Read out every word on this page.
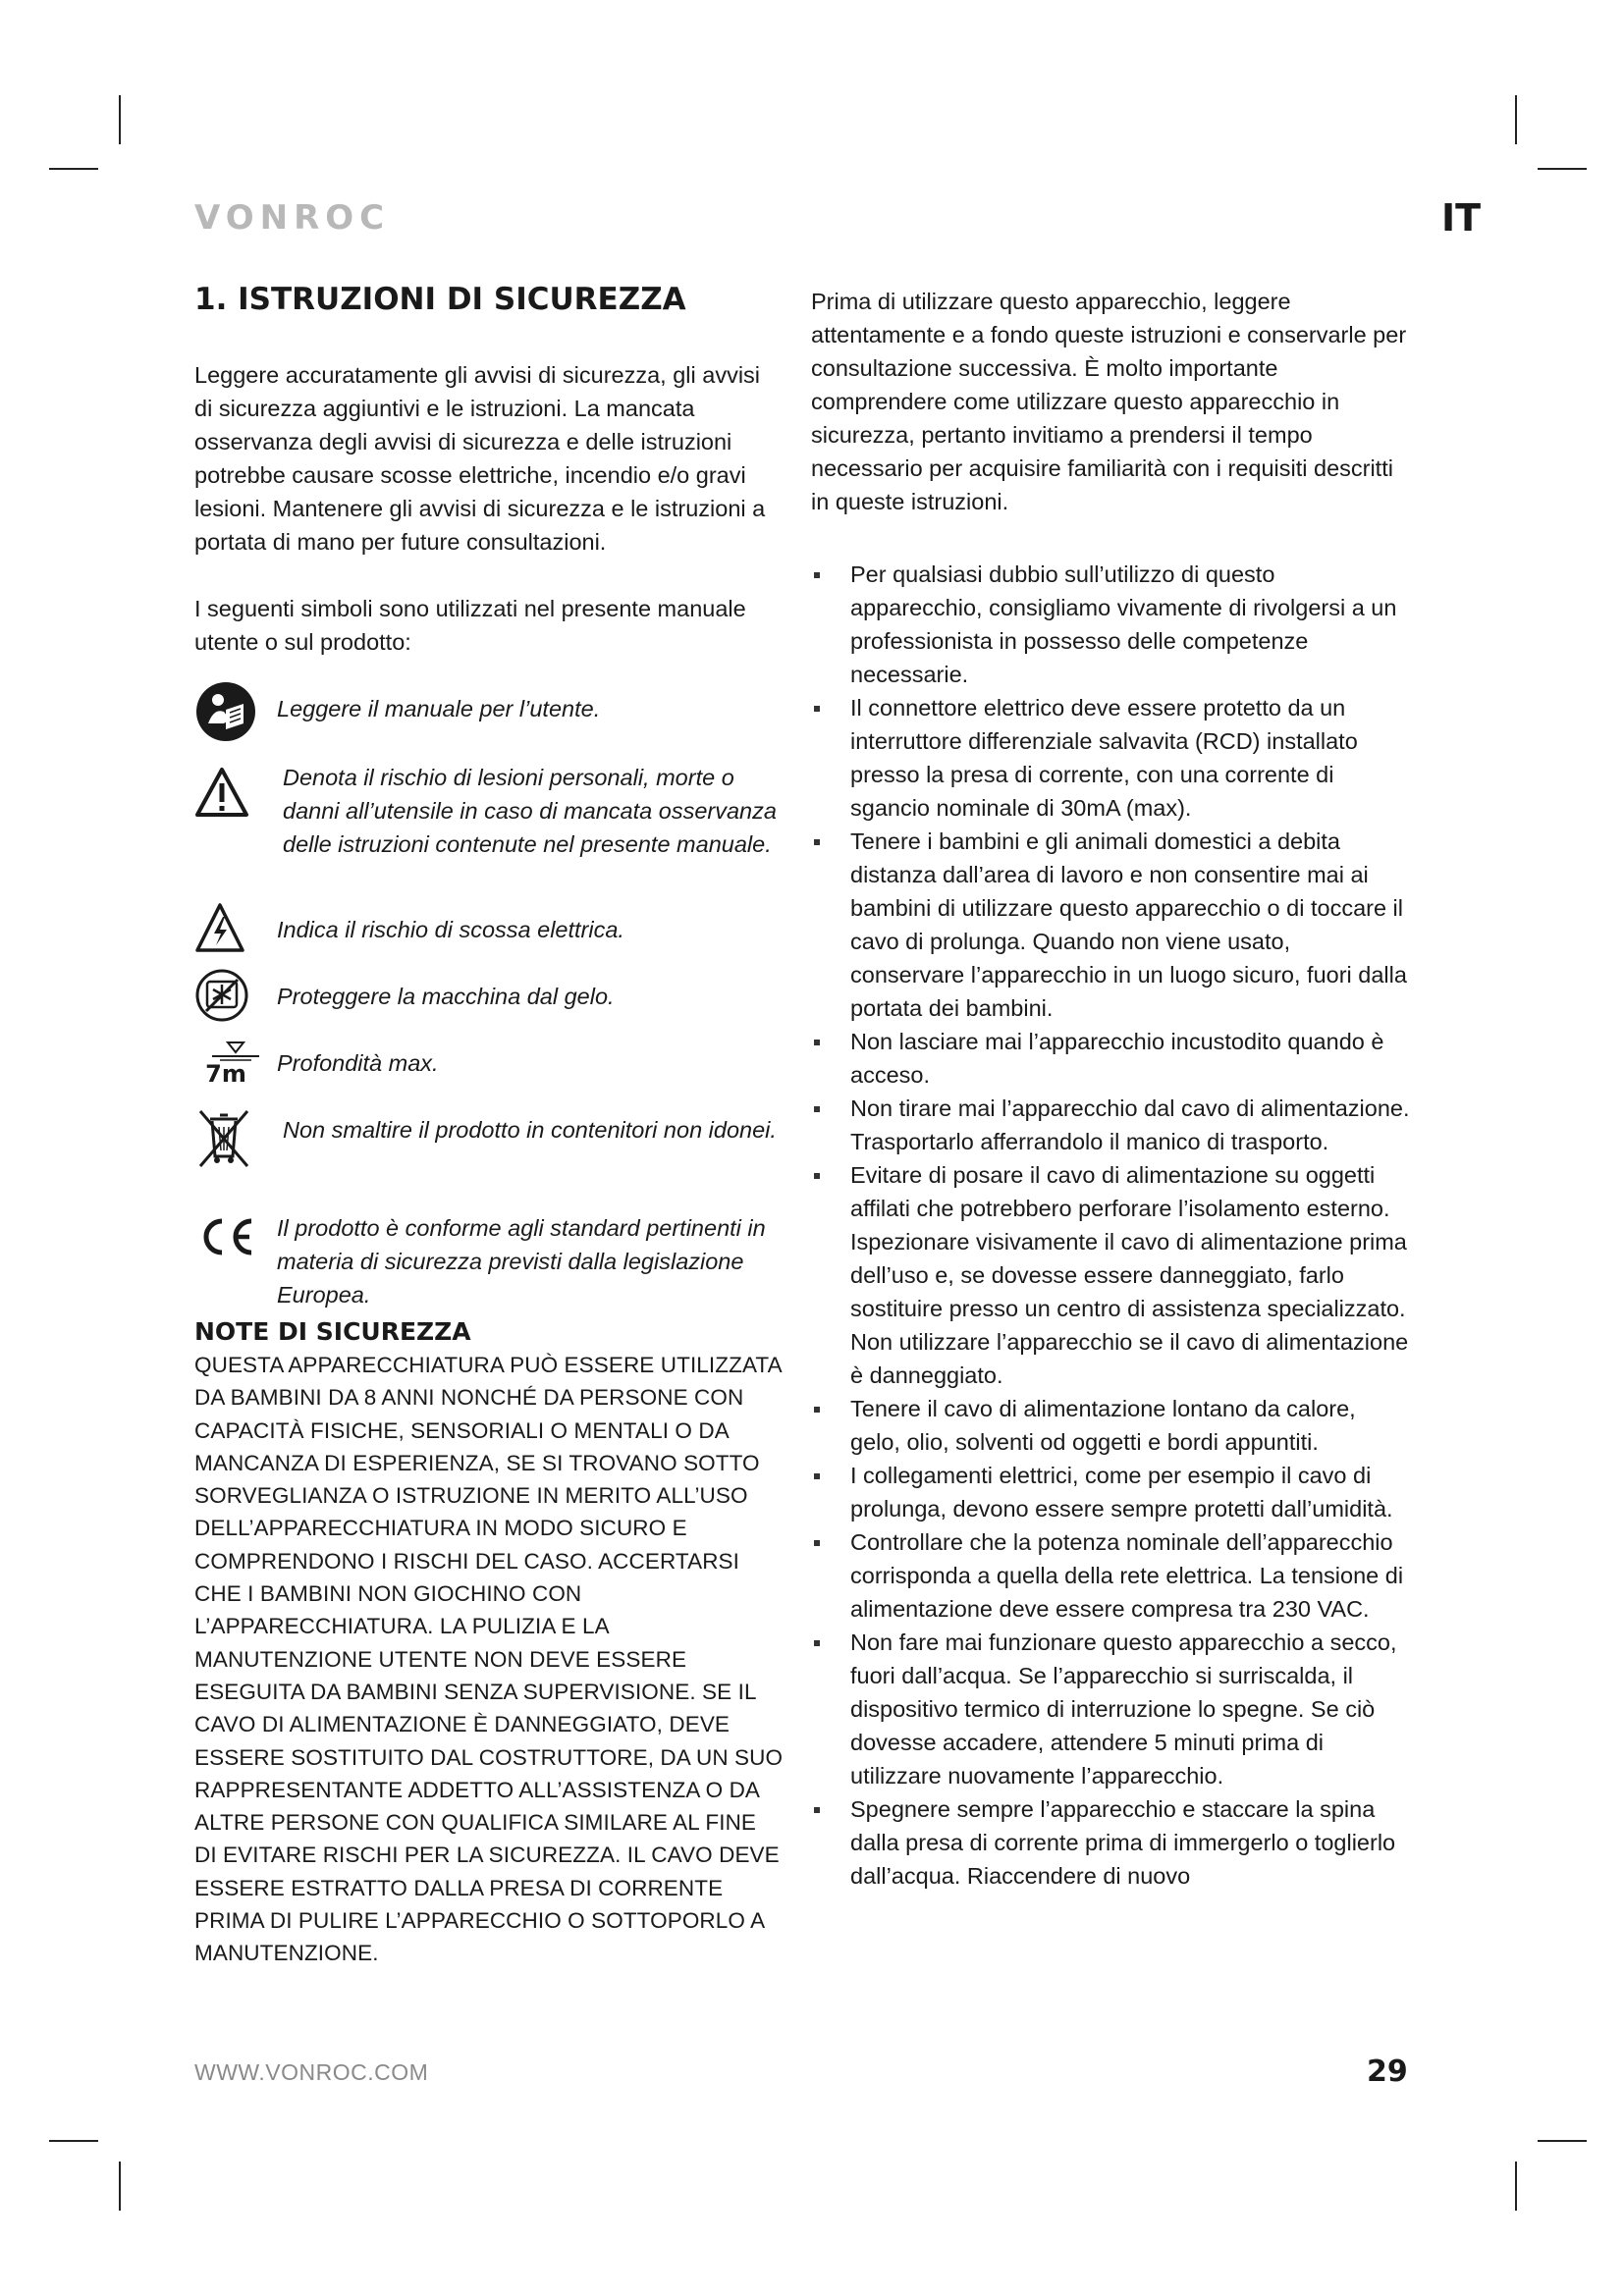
VONROC	IT
1. ISTRUZIONI DI SICUREZZA

Leggere accuratamente gli avvisi di sicurezza, gli avvisi di sicurezza aggiuntivi e le istruzioni. La mancata osservanza degli avvisi di sicurezza e delle istruzioni potrebbe causare scosse elettriche, incendio e/o gravi lesioni. Mantenere gli avvisi di sicurezza e le istruzioni a portata di mano per future consultazioni.

I seguenti simboli sono utilizzati nel presente manuale utente o sul prodotto:

Leggere il manuale per l’utente.
Denota il rischio di lesioni personali, morte o danni all’utensile in caso di mancata osservanza delle istruzioni contenute nel presente manuale.
Indica il rischio di scossa elettrica.
Proteggere la macchina dal gelo.
7m Profondità max.
Non smaltire il prodotto in contenitori non idonei.
Il prodotto è conforme agli standard pertinenti in materia di sicurezza previsti dalla legislazione Europea.
NOTE DI SICUREZZA

QUESTA APPARECCHIATURA PUÒ ESSERE UTILIZZATA DA BAMBINI DA 8 ANNI NONCHÉ DA PERSONE CON CAPACITÀ FISICHE, SENSORIALI O MENTALI O DA MANCANZA DI ESPERIENZA, SE SI TROVANO SOTTO SORVEGLIANZA O ISTRUZIONE IN MERITO ALL’USO DELL’APPARECCHIATURA IN MODO SICURO E COMPRENDONO I RISCHI DEL CASO. ACCERTARSI CHE I BAMBINI NON GIOCHINO CON L’APPARECCHIATURA. LA PULIZIA E LA MANUTENZIONE UTENTE NON DEVE ESSERE ESEGUITA DA BAMBINI SENZA SUPERVISIONE. SE IL CAVO DI ALIMENTAZIONE È DANNEGGIATO, DEVE ESSERE SOSTITUITO DAL COSTRUTTORE, DA UN SUO RAPPRESENTANTE ADDETTO ALL’ASSISTENZA O DA ALTRE PERSONE CON QUALIFICA SIMILARE AL FINE DI EVITARE RISCHI PER LA SICUREZZA. IL CAVO DEVE ESSERE ESTRATTO DALLA PRESA DI CORRENTE PRIMA DI PULIRE L’APPARECCHIO O SOTTOPORLO A MANUTENZIONE.

Prima di utilizzare questo apparecchio, leggere attentamente e a fondo queste istruzioni e conservarle per consultazione successiva. È molto importante comprendere come utilizzare questo apparecchio in sicurezza, pertanto invitiamo a prendersi il tempo necessario per acquisire familiarità con i requisiti descritti in queste istruzioni.

Per qualsiasi dubbio sull’utilizzo di questo apparecchio, consigliamo vivamente di rivolgersi a un professionista in possesso delle competenze necessarie.
Il connettore elettrico deve essere protetto da un interruttore differenziale salvavita (RCD) installato presso la presa di corrente, con una corrente di sgancio nominale di 30mA (max).
Tenere i bambini e gli animali domestici a debita distanza dall’area di lavoro e non consentire mai ai bambini di utilizzare questo apparecchio o di toccare il cavo di prolunga. Quando non viene usato, conservare l’apparecchio in un luogo sicuro, fuori dalla portata dei bambini.
Non lasciare mai l’apparecchio incustodito quando è acceso.
Non tirare mai l’apparecchio dal cavo di alimentazione. Trasportarlo afferrandolo il manico di trasporto.
Evitare di posare il cavo di alimentazione su oggetti affilati che potrebbero perforare l’isolamento esterno. Ispezionare visivamente il cavo di alimentazione prima dell’uso e, se dovesse essere danneggiato, farlo sostituire presso un centro di assistenza specializzato. Non utilizzare l’apparecchio se il cavo di alimentazione è danneggiato.
Tenere il cavo di alimentazione lontano da calore, gelo, olio, solventi od oggetti e bordi appuntiti.
I collegamenti elettrici, come per esempio il cavo di prolunga, devono essere sempre protetti dall’umidità.
Controllare che la potenza nominale dell’apparecchio corrisponda a quella della rete elettrica. La tensione di alimentazione deve essere compresa tra 230 VAC.
Non fare mai funzionare questo apparecchio a secco, fuori dall’acqua. Se l’apparecchio si surriscalda, il dispositivo termico di interruzione lo spegne. Se ciò dovesse accadere, attendere 5 minuti prima di utilizzare nuovamente l’apparecchio.
Spegnere sempre l’apparecchio e staccare la spina dalla presa di corrente prima di immergerlo o toglierlo dall’acqua. Riaccendere di nuovo
WWW.VONROC.COM	29
